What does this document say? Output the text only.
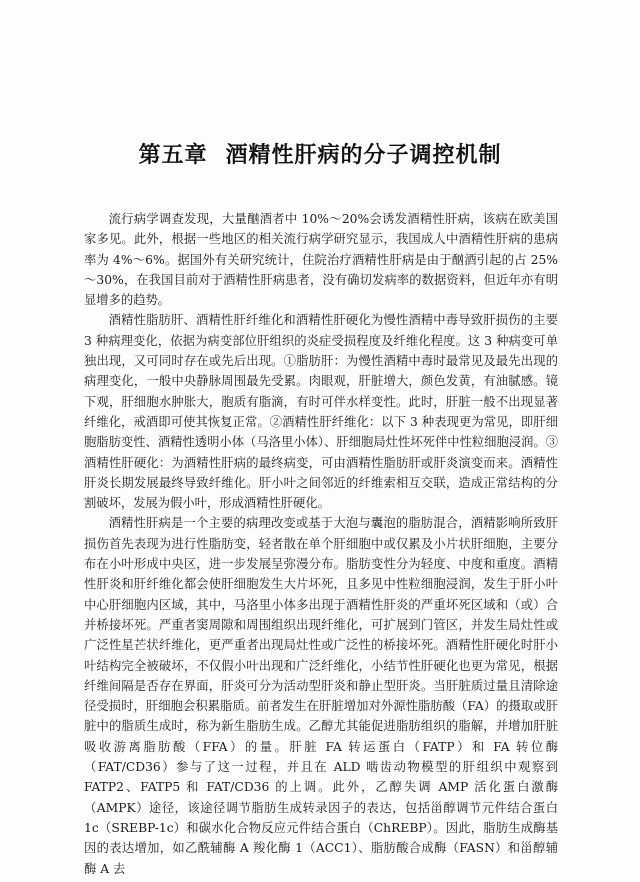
第五章 酒精性肝病的分子调控机制

流行病学调查发现，大量酗酒者中 10%～20%会诱发酒精性肝病，该病在欧美国家多见。此外，根据一些地区的相关流行病学研究显示，我国成人中酒精性肝病的患病率为 4%～6%。据国外有关研究统计，住院治疗酒精性肝病是由于酗酒引起的占 25%～30%，在我国目前对于酒精性肝病患者，没有确切发病率的数据资料，但近年亦有明显增多的趋势。

酒精性脂肪肝、酒精性肝纤维化和酒精性肝硬化为慢性酒精中毒导致肝损伤的主要 3 种病理变化，依据为病变部位肝组织的炎症受损程度及纤维化程度。这 3 种病变可单独出现，又可同时存在或先后出现。①脂肪肝：为慢性酒精中毒时最常见及最先出现的病理变化，一般中央静脉周围最先受累。肉眼观，肝脏增大，颜色发黄，有油腻感。镜下观，肝细胞水肿胀大，胞质有脂滴，有时可伴水样变性。此时，肝脏一般不出现显著纤维化，戒酒即可使其恢复正常。②酒精性肝纤维化：以下 3 种表现更为常见，即肝细胞脂肪变性、酒精性透明小体（马洛里小体）、肝细胞局灶性坏死伴中性粒细胞浸润。③酒精性肝硬化：为酒精性肝病的最终病变，可由酒精性脂肪肝或肝炎演变而来。酒精性肝炎长期发展最终导致纤维化。肝小叶之间邻近的纤维索相互交联，造成正常结构的分割破坏，发展为假小叶，形成酒精性肝硬化。

酒精性肝病是一个主要的病理改变或基于大泡与囊泡的脂肪混合，酒精影响所致肝损伤首先表现为进行性脂肪变，轻者散在单个肝细胞中或仅累及小片状肝细胞，主要分布在小叶形成中央区，进一步发展呈弥漫分布。脂肪变性分为轻度、中度和重度。酒精性肝炎和肝纤维化都会使肝细胞发生大片坏死，且多见中性粒细胞浸润，发生于肝小叶中心肝细胞内区域，其中，马洛里小体多出现于酒精性肝炎的严重坏死区域和（或）合并桥接坏死。严重者窦周隙和周围组织出现纤维化，可扩展到门管区，并发生局灶性或广泛性星芒状纤维化，更严重者出现局灶性或广泛性的桥接坏死。酒精性肝硬化时肝小叶结构完全被破坏，不仅假小叶出现和广泛纤维化，小结节性肝硬化也更为常见，根据纤维间隔是否存在界面，肝炎可分为活动型肝炎和静止型肝炎。当肝脏质过量且清除途径受损时，肝细胞会积累脂质。前者发生在肝脏增加对外源性脂肪酸（FA）的摄取或肝脏中的脂质生成时，称为新生脂肪生成。乙醇尤其能促进脂肪组织的脂解，并增加肝脏吸收游离脂肪酸（FFA）的量。肝脏 FA 转运蛋白（FATP）和 FA 转位酶（FAT/CD36）参与了这一过程，并且在 ALD 啮齿动物模型的肝组织中观察到 FATP2、FATP5 和 FAT/CD36 的上调。此外，乙醇失调 AMP 活化蛋白激酶（AMPK）途径，该途径调节脂肪生成转录因子的表达，包括甾醇调节元件结合蛋白 1c（SREBP-1c）和碳水化合物反应元件结合蛋白（ChREBP）。因此，脂肪生成酶基因的表达增加，如乙酰辅酶 A 羧化酶 1（ACC1）、脂肪酸合成酶（FASN）和甾醇辅酶 A 去
